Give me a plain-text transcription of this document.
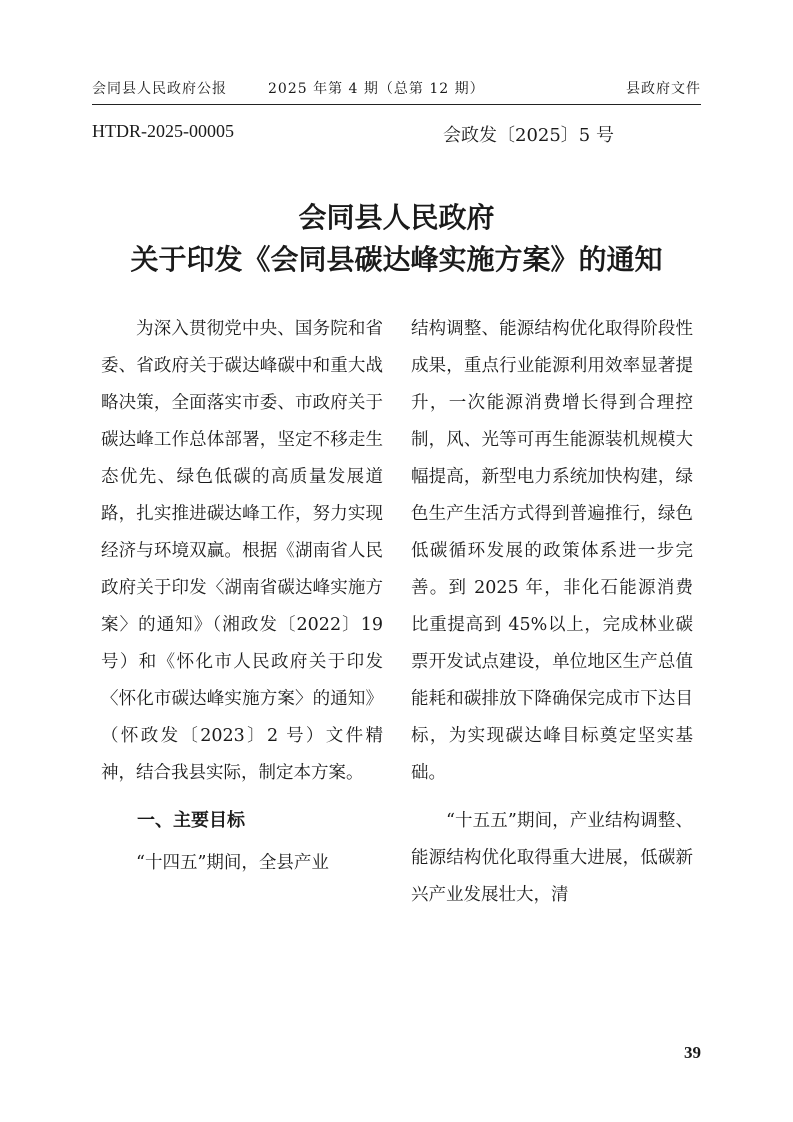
会同县人民政府公报	2025 年第 4 期（总第 12 期）	县政府文件
HTDR-2025-00005	会政发〔2025〕5 号
会同县人民政府
关于印发《会同县碳达峰实施方案》的通知

为深入贯彻党中央、国务院和省委、省政府关于碳达峰碳中和重大战略决策，全面落实市委、市政府关于碳达峰工作总体部署，坚定不移走生态优先、绿色低碳的高质量发展道路，扎实推进碳达峰工作，努力实现经济与环境双赢。根据《湖南省人民政府关于印发〈湖南省碳达峰实施方案〉的通知》（湘政发〔2022〕19 号）和《怀化市人民政府关于印发〈怀化市碳达峰实施方案〉的通知》（怀政发〔2023〕2 号）文件精神，结合我县实际，制定本方案。

一、主要目标

“十四五”期间，全县产业

结构调整、能源结构优化取得阶段性成果，重点行业能源利用效率显著提升，一次能源消费增长得到合理控制，风、光等可再生能源装机规模大幅提高，新型电力系统加快构建，绿色生产生活方式得到普遍推行，绿色低碳循环发展的政策体系进一步完善。到 2025 年，非化石能源消费比重提高到 45%以上，完成林业碳票开发试点建设，单位地区生产总值能耗和碳排放下降确保完成市下达目标，为实现碳达峰目标奠定坚实基础。

“十五五”期间，产业结构调整、能源结构优化取得重大进展，低碳新兴产业发展壮大，清

39
